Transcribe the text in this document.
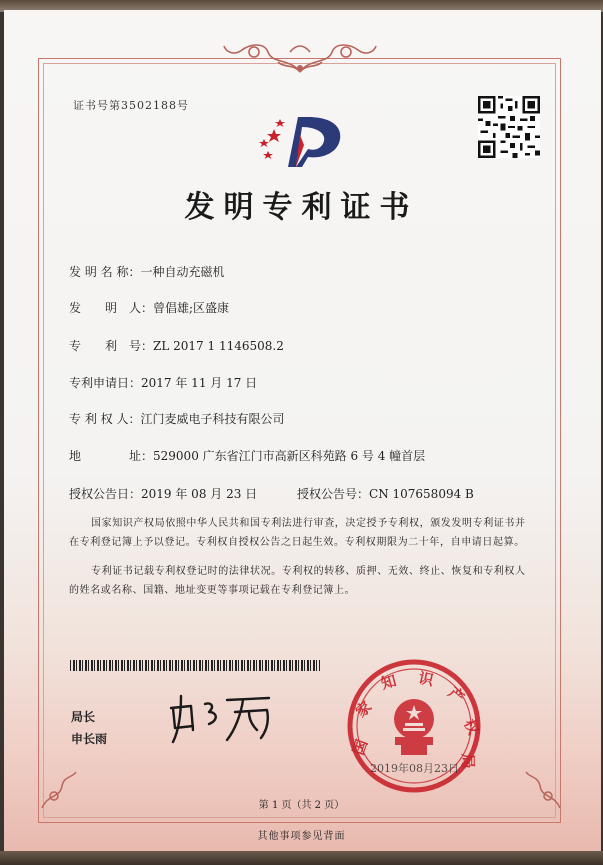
证书号第3502188号
发明专利证书
发 明 名 称：一种自动充磁机
发　　明　人：曾倡雄;区盛康
专　　利　号：ZL 2017 1 1146508.2
专利申请日：2017 年 11 月 17 日
专 利 权 人：江门麦威电子科技有限公司
地　　　　址：529000 广东省江门市高新区科苑路 6 号 4 幢首层
授权公告日：2019 年 08 月 23 日	授权公告号：CN 107658094 B
国家知识产权局依照中华人民共和国专利法进行审查，决定授予专利权，颁发发明专利证书并在专利登记簿上予以登记。专利权自授权公告之日起生效。专利权期限为二十年，自申请日起算。
专利证书记载专利权登记时的法律状况。专利权的转移、质押、无效、终止、恢复和专利权人的姓名或名称、国籍、地址变更等事项记载在专利登记簿上。
局长
申长雨	国
家
知 识
产
权
局
2019年08月23日
第 1 页（共 2 页）
其他事项参见背面
